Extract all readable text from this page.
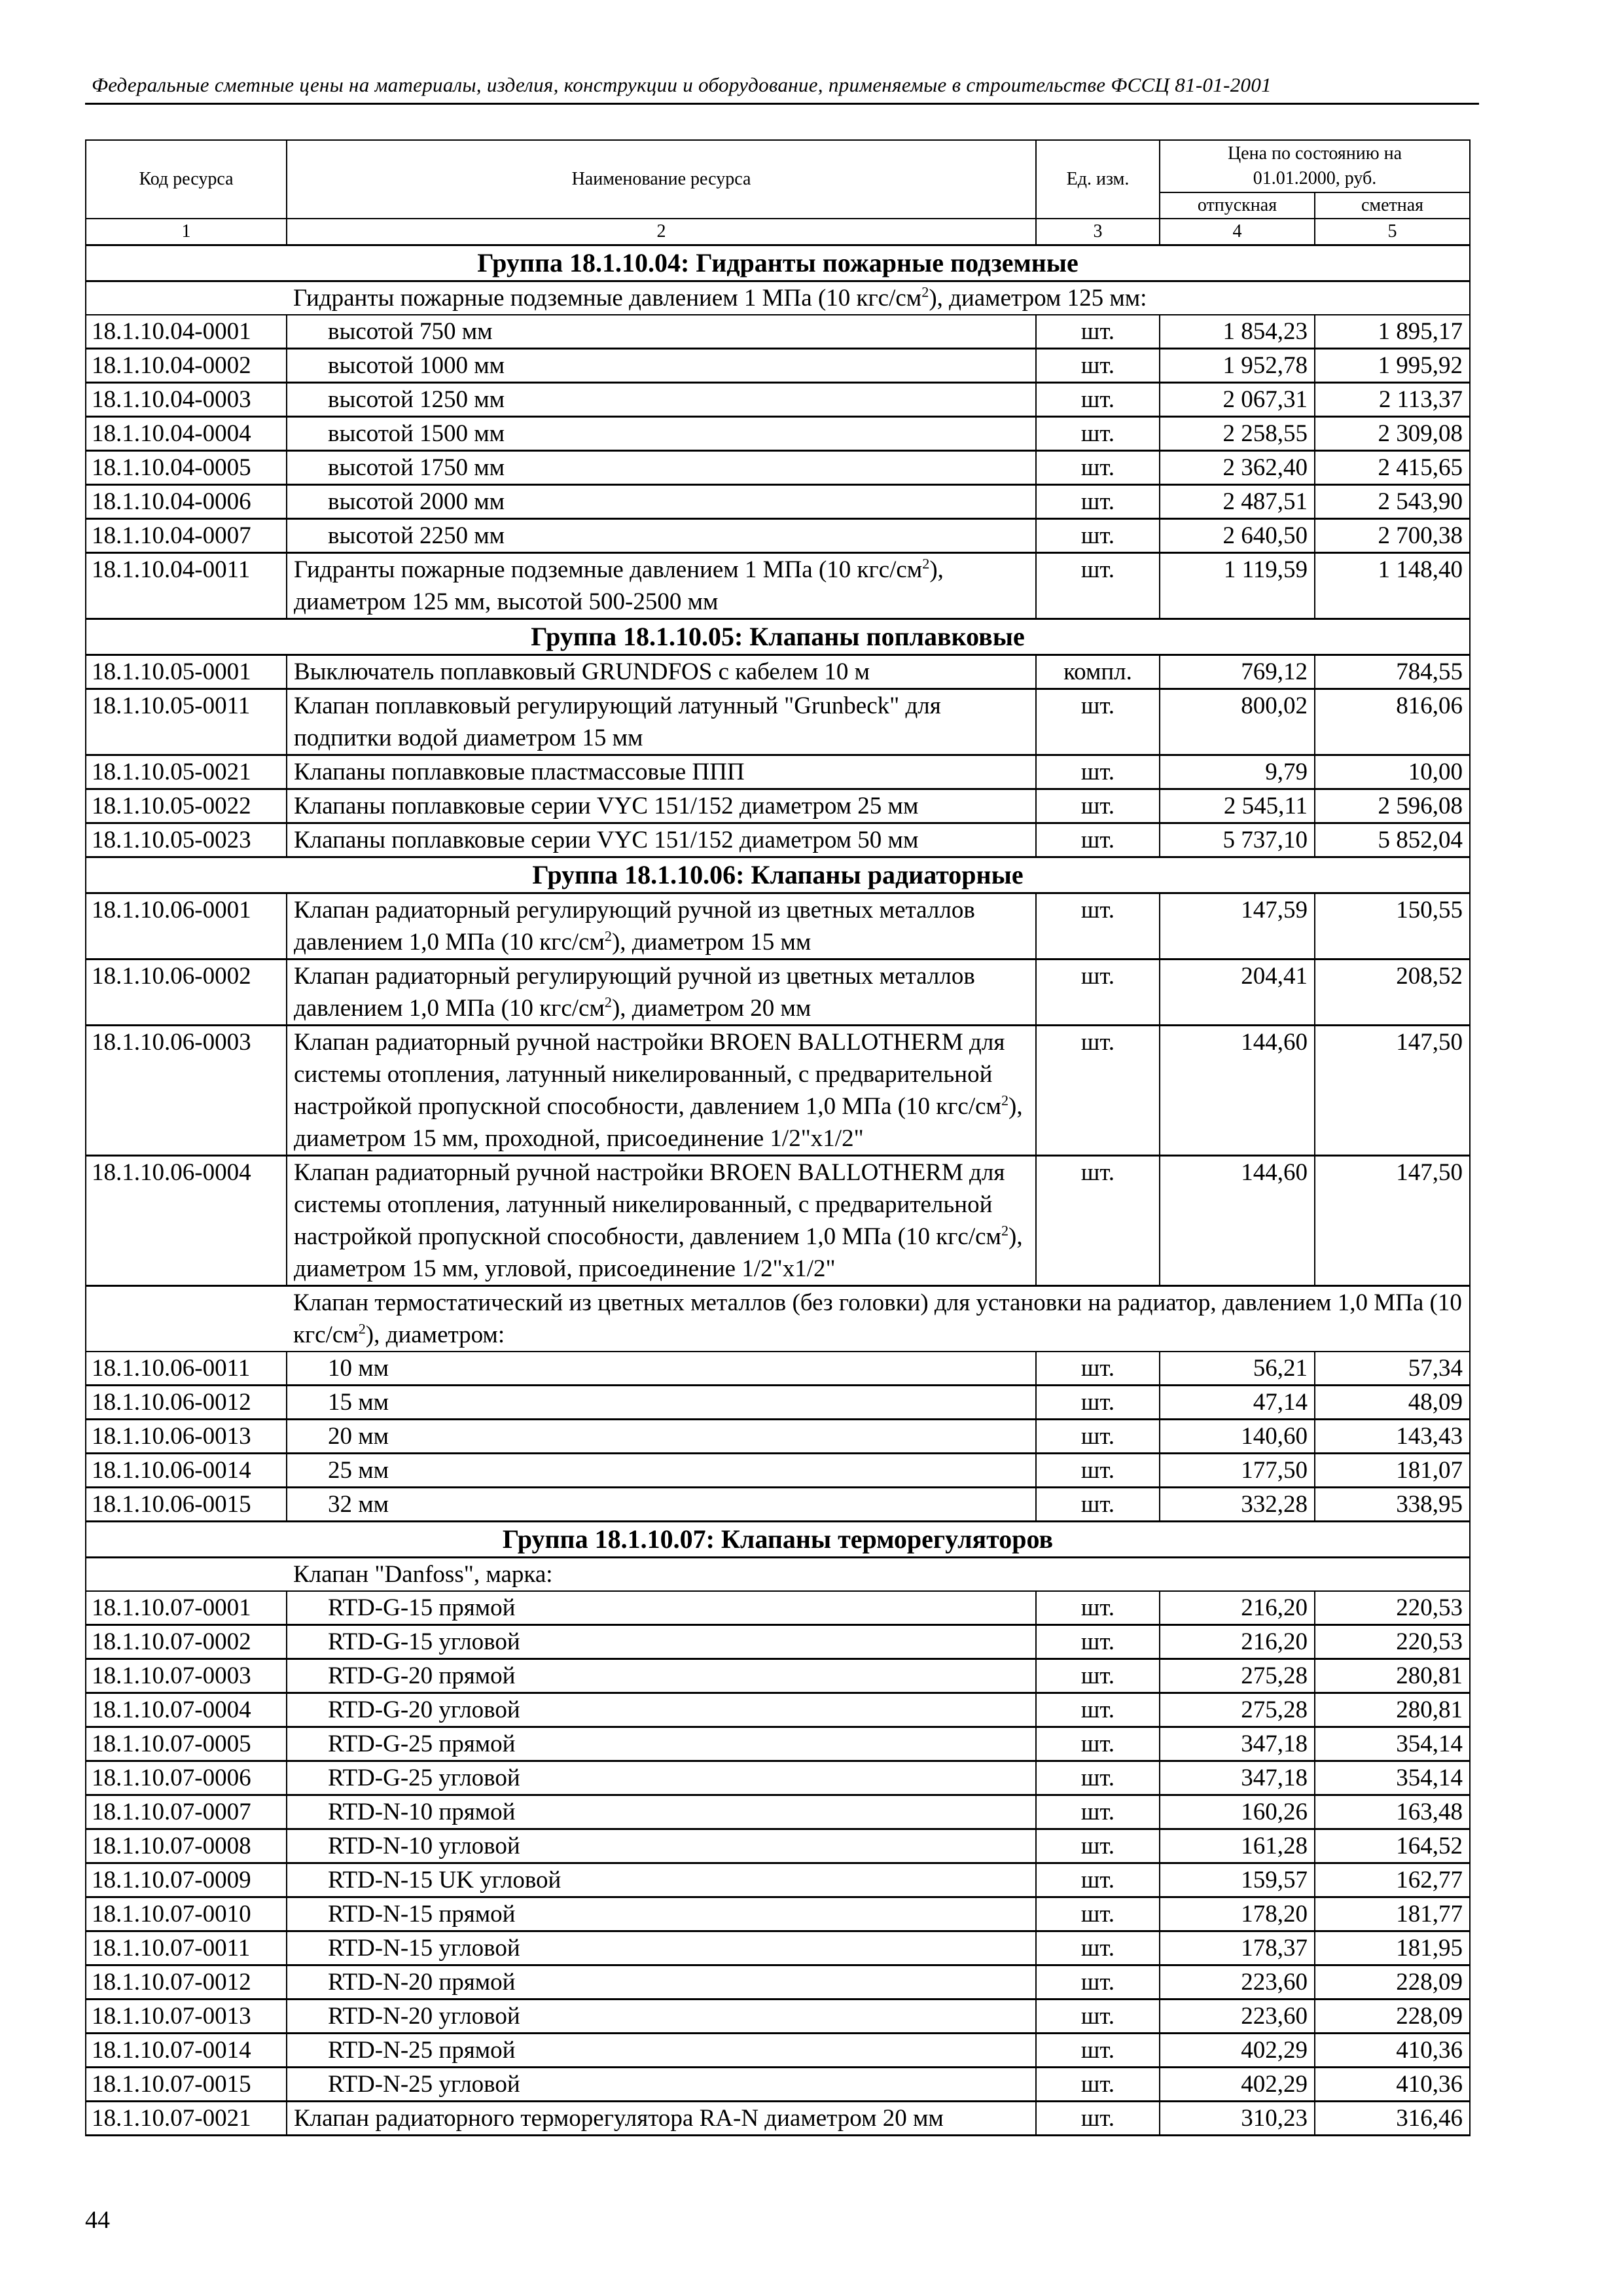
Федеральные сметные цены на материалы, изделия, конструкции и оборудование, применяемые в строительстве ФССЦ 81-01-2001
Код ресурса	Наименование ресурса	Ед. изм.	Цена по состоянию на 01.01.2000, руб.	
			отпускная	сметная
1	2	3	4	5
Группа 18.1.10.04: Гидранты пожарные подземные				
	Гидранты пожарные подземные давлением 1 МПа (10 кгс/$см^2$), диаметром 125 мм:			
18.1.10.04-0001	высотой 750 мм	шт.	1 854,23	1 895,17
18.1.10.04-0002	высотой 1000 мм	шт.	1 952,78	1 995,92
18.1.10.04-0003	высотой 1250 мм	шт.	2 067,31	2 113,37
18.1.10.04-0004	высотой 1500 мм	шт.	2 258,55	2 309,08
18.1.10.04-0005	высотой 1750 мм	шт.	2 362,40	2 415,65
18.1.10.04-0006	высотой 2000 мм	шт.	2 487,51	2 543,90
18.1.10.04-0007	высотой 2250 мм	шт.	2 640,50	2 700,38
18.1.10.04-0011	Гидранты пожарные подземные давлением 1 МПа (10 кгс/$см^2$), диаметром 125 мм, высотой 500-2500 мм	шт.	1 119,59	1 148,40
Группа 18.1.10.05: Клапаны поплавковые				
18.1.10.05-0001	Выключатель поплавковый GRUNDFOS с кабелем 10 м	компл.	769,12	784,55
18.1.10.05-0011	Клапан поплавковый регулирующий латунный "Grunbeck" для подпитки водой диаметром 15 мм	шт.	800,02	816,06
18.1.10.05-0021	Клапаны поплавковые пластмассовые ППП	шт.	9,79	10,00
18.1.10.05-0022	Клапаны поплавковые серии VYC 151/152 диаметром 25 мм	шт.	2 545,11	2 596,08
18.1.10.05-0023	Клапаны поплавковые серии VYC 151/152 диаметром 50 мм	шт.	5 737,10	5 852,04
Группа 18.1.10.06: Клапаны радиаторные				
18.1.10.06-0001	Клапан радиаторный регулирующий ручной из цветных металлов давлением 1,0 МПа (10 кгс/$см^2$), диаметром 15 мм	шт.	147,59	150,55
18.1.10.06-0002	Клапан радиаторный регулирующий ручной из цветных металлов давлением 1,0 МПа (10 кгс/$см^2$), диаметром 20 мм	шт.	204,41	208,52
18.1.10.06-0003	Клапан радиаторный ручной настройки BROEN BALLOTHERM для системы отопления, латунный никелированный, с предварительной настройкой пропускной способности, давлением 1,0 МПа (10 кгс/$см^2$), диаметром 15 мм, проходной, присоединение 1/2"x1/2"	шт.	144,60	147,50
18.1.10.06-0004	Клапан радиаторный ручной настройки BROEN BALLOTHERM для системы отопления, латунный никелированный, с предварительной настройкой пропускной способности, давлением 1,0 МПа (10 кгс/$см^2$), диаметром 15 мм, угловой, присоединение 1/2"x1/2"	шт.	144,60	147,50
	Клапан термостатический из цветных металлов (без головки) для установки на радиатор, давлением 1,0 МПа (10 кгс/$см^2$), диаметром:			
18.1.10.06-0011	10 мм	шт.	56,21	57,34
18.1.10.06-0012	15 мм	шт.	47,14	48,09
18.1.10.06-0013	20 мм	шт.	140,60	143,43
18.1.10.06-0014	25 мм	шт.	177,50	181,07
18.1.10.06-0015	32 мм	шт.	332,28	338,95
Группа 18.1.10.07: Клапаны терморегуляторов				
	Клапан "Danfoss", марка:			
18.1.10.07-0001	RTD-G-15 прямой	шт.	216,20	220,53
18.1.10.07-0002	RTD-G-15 угловой	шт.	216,20	220,53
18.1.10.07-0003	RTD-G-20 прямой	шт.	275,28	280,81
18.1.10.07-0004	RTD-G-20 угловой	шт.	275,28	280,81
18.1.10.07-0005	RTD-G-25 прямой	шт.	347,18	354,14
18.1.10.07-0006	RTD-G-25 угловой	шт.	347,18	354,14
18.1.10.07-0007	RTD-N-10 прямой	шт.	160,26	163,48
18.1.10.07-0008	RTD-N-10 угловой	шт.	161,28	164,52
18.1.10.07-0009	RTD-N-15 UK угловой	шт.	159,57	162,77
18.1.10.07-0010	RTD-N-15 прямой	шт.	178,20	181,77
18.1.10.07-0011	RTD-N-15 угловой	шт.	178,37	181,95
18.1.10.07-0012	RTD-N-20 прямой	шт.	223,60	228,09
18.1.10.07-0013	RTD-N-20 угловой	шт.	223,60	228,09
18.1.10.07-0014	RTD-N-25 прямой	шт.	402,29	410,36
18.1.10.07-0015	RTD-N-25 угловой	шт.	402,29	410,36
18.1.10.07-0021	Клапан радиаторного терморегулятора RA-N диаметром 20 мм	шт.	310,23	316,46
44
